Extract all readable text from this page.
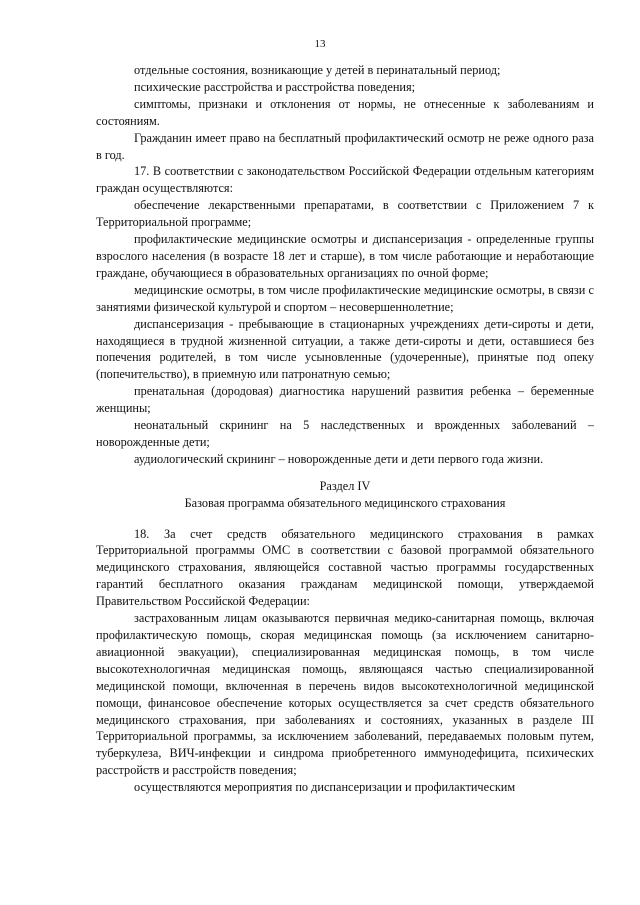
13

отдельные состояния, возникающие у детей в перинатальный период;

психические расстройства и расстройства поведения;

симптомы, признаки и отклонения от нормы, не отнесенные к заболеваниям и состояниям.

Гражданин имеет право на бесплатный профилактический осмотр не реже одного раза в год.

17. В соответствии с законодательством Российской Федерации отдельным категориям граждан осуществляются:

обеспечение лекарственными препаратами, в соответствии с Приложением 7 к Территориальной программе;

профилактические медицинские осмотры и диспансеризация - определенные группы взрослого населения (в возрасте 18 лет и старше), в том числе работающие и неработающие граждане, обучающиеся в образовательных организациях по очной форме;

медицинские осмотры, в том числе профилактические медицинские осмотры, в связи с занятиями физической культурой и спортом – несовершеннолетние;

диспансеризация - пребывающие в стационарных учреждениях дети-сироты и дети, находящиеся в трудной жизненной ситуации, а также дети-сироты и дети, оставшиеся без попечения родителей, в том числе усыновленные (удочеренные), принятые под опеку (попечительство), в приемную или патронатную семью;

пренатальная (дородовая) диагностика нарушений развития ребенка – беременные женщины;

неонатальный скрининг на 5 наследственных и врожденных заболеваний – новорожденные дети;

аудиологический скрининг – новорожденные дети и дети первого года жизни.

Раздел IV

Базовая программа обязательного медицинского страхования

18. За счет средств обязательного медицинского страхования в рамках Территориальной программы ОМС в соответствии с базовой программой обязательного медицинского страхования, являющейся составной частью программы государственных гарантий бесплатного оказания гражданам медицинской помощи, утверждаемой Правительством Российской Федерации:

застрахованным лицам оказываются первичная медико-санитарная помощь, включая профилактическую помощь, скорая медицинская помощь (за исключением санитарно-авиационной эвакуации), специализированная медицинская помощь, в том числе высокотехнологичная медицинская помощь, являющаяся частью специализированной медицинской помощи, включенная в перечень видов высокотехнологичной медицинской помощи, финансовое обеспечение которых осуществляется за счет средств обязательного медицинского страхования, при заболеваниях и состояниях, указанных в разделе III Территориальной программы, за исключением заболеваний, передаваемых половым путем, туберкулеза, ВИЧ-инфекции и синдрома приобретенного иммунодефицита, психических расстройств и расстройств поведения;

осуществляются мероприятия по диспансеризации и профилактическим
